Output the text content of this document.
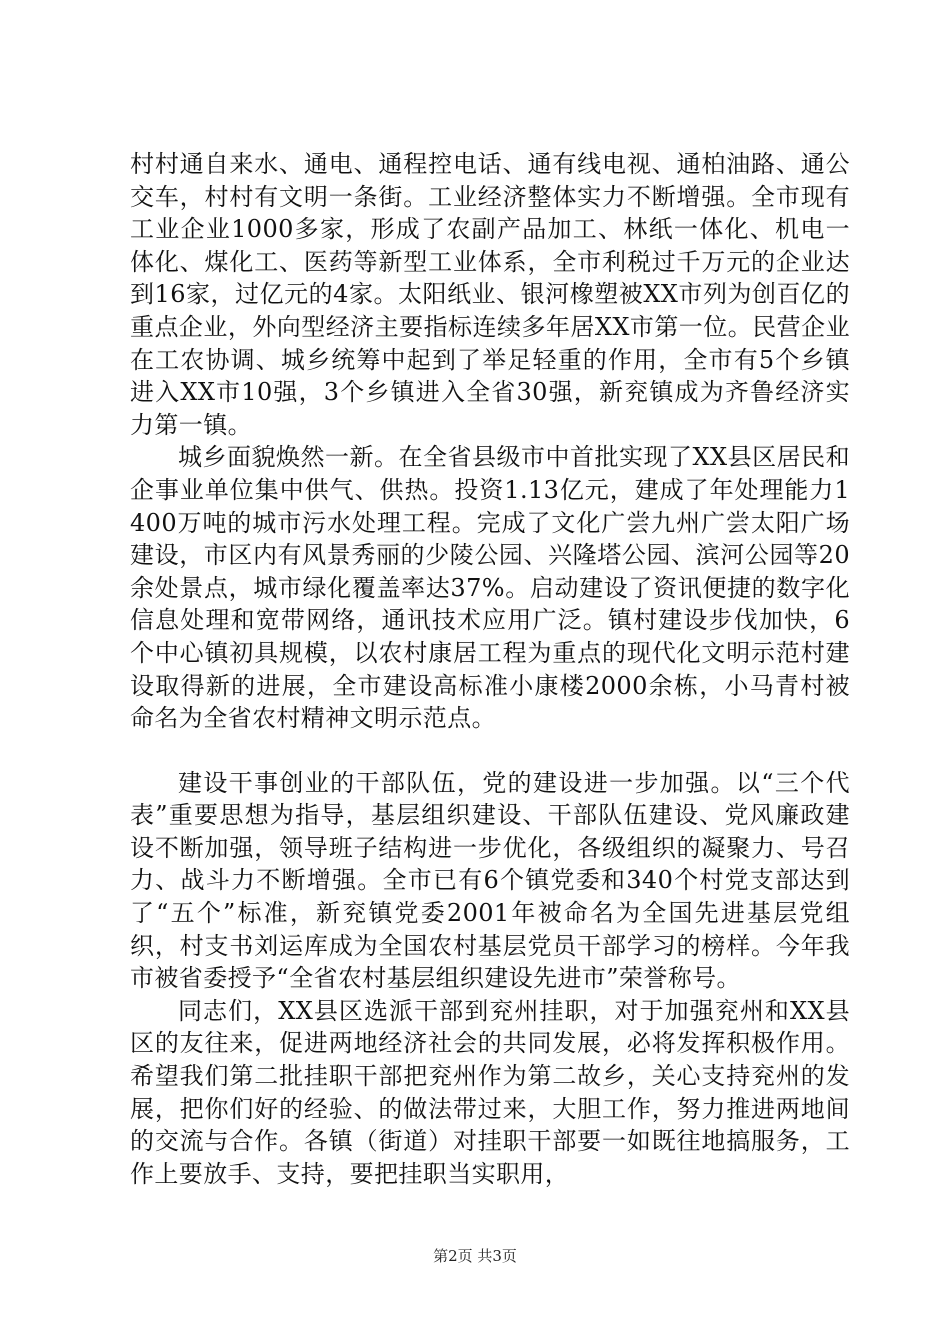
村村通自来水、通电、通程控电话、通有线电视、通柏油路、通公交车，村村有文明一条街。工业经济整体实力不断增强。全市现有工业企业1000多家，形成了农副产品加工、林纸一体化、机电一体化、煤化工、医药等新型工业体系，全市利税过千万元的企业达到16家，过亿元的4家。太阳纸业、银河橡塑被XX市列为创百亿的重点企业，外向型经济主要指标连续多年居XX市第一位。民营企业在工农协调、城乡统筹中起到了举足轻重的作用，全市有5个乡镇进入XX市10强，3个乡镇进入全省30强，新兖镇成为齐鲁经济实力第一镇。

城乡面貌焕然一新。在全省县级市中首批实现了XX县区居民和企事业单位集中供气、供热。投资1.13亿元，建成了年处理能力1400万吨的城市污水处理工程。完成了文化广尝九州广尝太阳广场建设，市区内有风景秀丽的少陵公园、兴隆塔公园、滨河公园等20余处景点，城市绿化覆盖率达37%。启动建设了资讯便捷的数字化信息处理和宽带网络，通讯技术应用广泛。镇村建设步伐加快，6个中心镇初具规模，以农村康居工程为重点的现代化文明示范村建设取得新的进展，全市建设高标准小康楼2000余栋，小马青村被命名为全省农村精神文明示范点。

建设干事创业的干部队伍，党的建设进一步加强。以“三个代表”重要思想为指导，基层组织建设、干部队伍建设、党风廉政建设不断加强，领导班子结构进一步优化，各级组织的凝聚力、号召力、战斗力不断增强。全市已有6个镇党委和340个村党支部达到了“五个”标准，新兖镇党委2001年被命名为全国先进基层党组织，村支书刘运库成为全国农村基层党员干部学习的榜样。今年我市被省委授予“全省农村基层组织建设先进市”荣誉称号。

同志们，XX县区选派干部到兖州挂职，对于加强兖州和XX县区的友往来，促进两地经济社会的共同发展，必将发挥积极作用。希望我们第二批挂职干部把兖州作为第二故乡，关心支持兖州的发展，把你们好的经验、的做法带过来，大胆工作，努力推进两地间的交流与合作。各镇（街道）对挂职干部要一如既往地搞服务，工作上要放手、支持，要把挂职当实职用，

第2页 共3页
